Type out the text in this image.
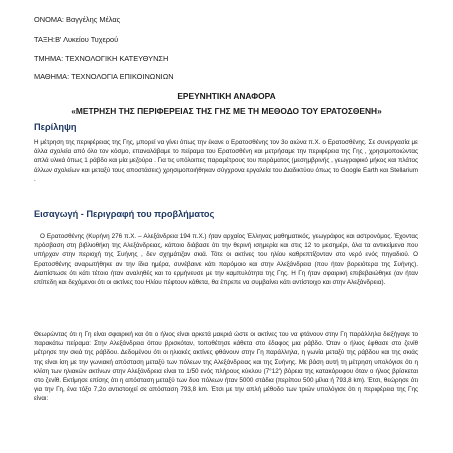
ΟΝΟΜΑ: Βαγγέλης Μέλας
ΤΑΞΗ:Β' Λυκείου Τυχερού
ΤΜΗΜΑ: ΤΕΧΝΟΛΟΓΙΚΗ ΚΑΤΕΥΘΥΝΣΗ
ΜΑΘΗΜΑ: ΤΕΧΝΟΛΟΓΙΑ ΕΠΙΚΟΙΝΩΝΙΩΝ
ΕΡΕΥΝΗΤΙΚΗ ΑΝΑΦΟΡΑ
«ΜΕΤΡΗΣΗ ΤΗΣ ΠΕΡΙΦΕΡΕΙΑΣ ΤΗΣ ΓΗΣ ΜΕ ΤΗ ΜΕΘΟΔΟ ΤΟΥ ΕΡΑΤΟΣΘΕΝΗ»
Περίληψη

Η μέτρηση της περιφέρειας της Γης, μπορεί να γίνει όπως την έκανε ο Ερατοσθένης τον 3ο αιώνα π.Χ. ο Ερατοσθένης. Σε συνεργασία με άλλα σχολεία από όλο τον κόσμο, επαναλάβαμε το πείραμα του Ερατοσθένη και μετρήσαμε την περιφέρεια της Γης , χρησιμοποιώντας απλά υλικά όπως 1 ράβδο και μία μεζούρα . Για τις υπόλοιπες παραμέτρους του πειράματος (μεσημβρινής , γεωγραφικό μήκος και πλάτος άλλων σχολείων και μεταξύ τους αποστάσεις) χρησιμοποιήθηκαν σύγχρονα εργαλεία του Διαδικτύου όπως το Google Earth και Stellarium .

Εισαγωγή - Περιγραφή του προβλήματος

Ο Ερατοσθένης (Κυρήνη 276 π.Χ. – Αλεξάνδρεια 194 π.Χ.) ήταν αρχαίος Έλληνας μαθηματικός, γεωγράφος και αστρονόμος. Έχοντας πρόσβαση στη βιβλιοθήκη της Αλεξάνδρειας, κάποιο διάβασε ότι την θερινή ισημερία και στις 12 το μεσημέρι, όλα τα αντικείμενα που υπήρχαν στην περιοχή της Συήνης , δεν σχημάτιζαν σκιά. Τότε οι ακτίνες του ηλίου καθρεπτίζονταν στο νερό ενός πηγαδιού. Ο Ερατοσθένης αναρωτήθηκε αν την ίδια ημέρα, συνέβαινε κάτι παρόμοιο και στην Αλεξάνδρεια (που ήταν βορειότερα της Συήνης). Διαπίστωσε ότι κάτι τέτοιο ήταν αναληθές και το ερμήνευσε με την καμπυλότητα της Γης. Η Γη ήταν σφαιρική επιβεβαιώθηκε (αν ήταν επίπεδη και δεχόμενοι ότι οι ακτίνες του Ηλίου πέφτουν κάθετα, θα έπρεπε να συμβαίνει κάτι αντίστοιχο και στην Αλεξάνδρεια).

Θεωρώντας ότι η Γη είναι σφαιρική και ότι ο ήλιος είναι αρκετά μακριά ώστε οι ακτίνες του να φτάνουν στην Γη παράλληλα διεξήγαγε το παρακάτω πείραμα: Στην Αλεξάνδρεια όπου βρισκόταν, τοποθέτησε κάθετα στο έδαφος μια ράβδο. Όταν ο ήλιος έφθασε στο ζενίθ μέτρησε την σκιά της ράβδου. Δεδομένου ότι οι ηλιακές ακτίνες φθάνουν στην Γη παράλληλα, η γωνία μεταξύ της ράβδου και της σκιάς της είναι ίση με την γωνιακή απόσταση μεταξύ των πόλεων της Αλεξάνδρειας και της Συήνης. Με βάση αυτή τη μέτρηση υπολόγισε ότι η κλίση των ηλιακών ακτίνων στην Αλεξάνδρεια είναι το 1/50 ενός πλήρους κύκλου (7°12') βόρεια της κατακόρυφου όταν ο ήλιος βρίσκεται στο ζενίθ. Εκτίμησε επίσης ότι η απόσταση μεταξύ των δυο πόλεων ήταν 5000 στάδια (περίπου 500 μίλια ή 793,8 km). Έτσι, θεώρησε ότι για την Γη, ένα τόξο 7,2ο αντιστοιχεί σε απόσταση 793,8 km. Έτσι με την απλή μέθοδο των τριών υπολόγισε ότι η περιφέρεια της Γης είναι:
